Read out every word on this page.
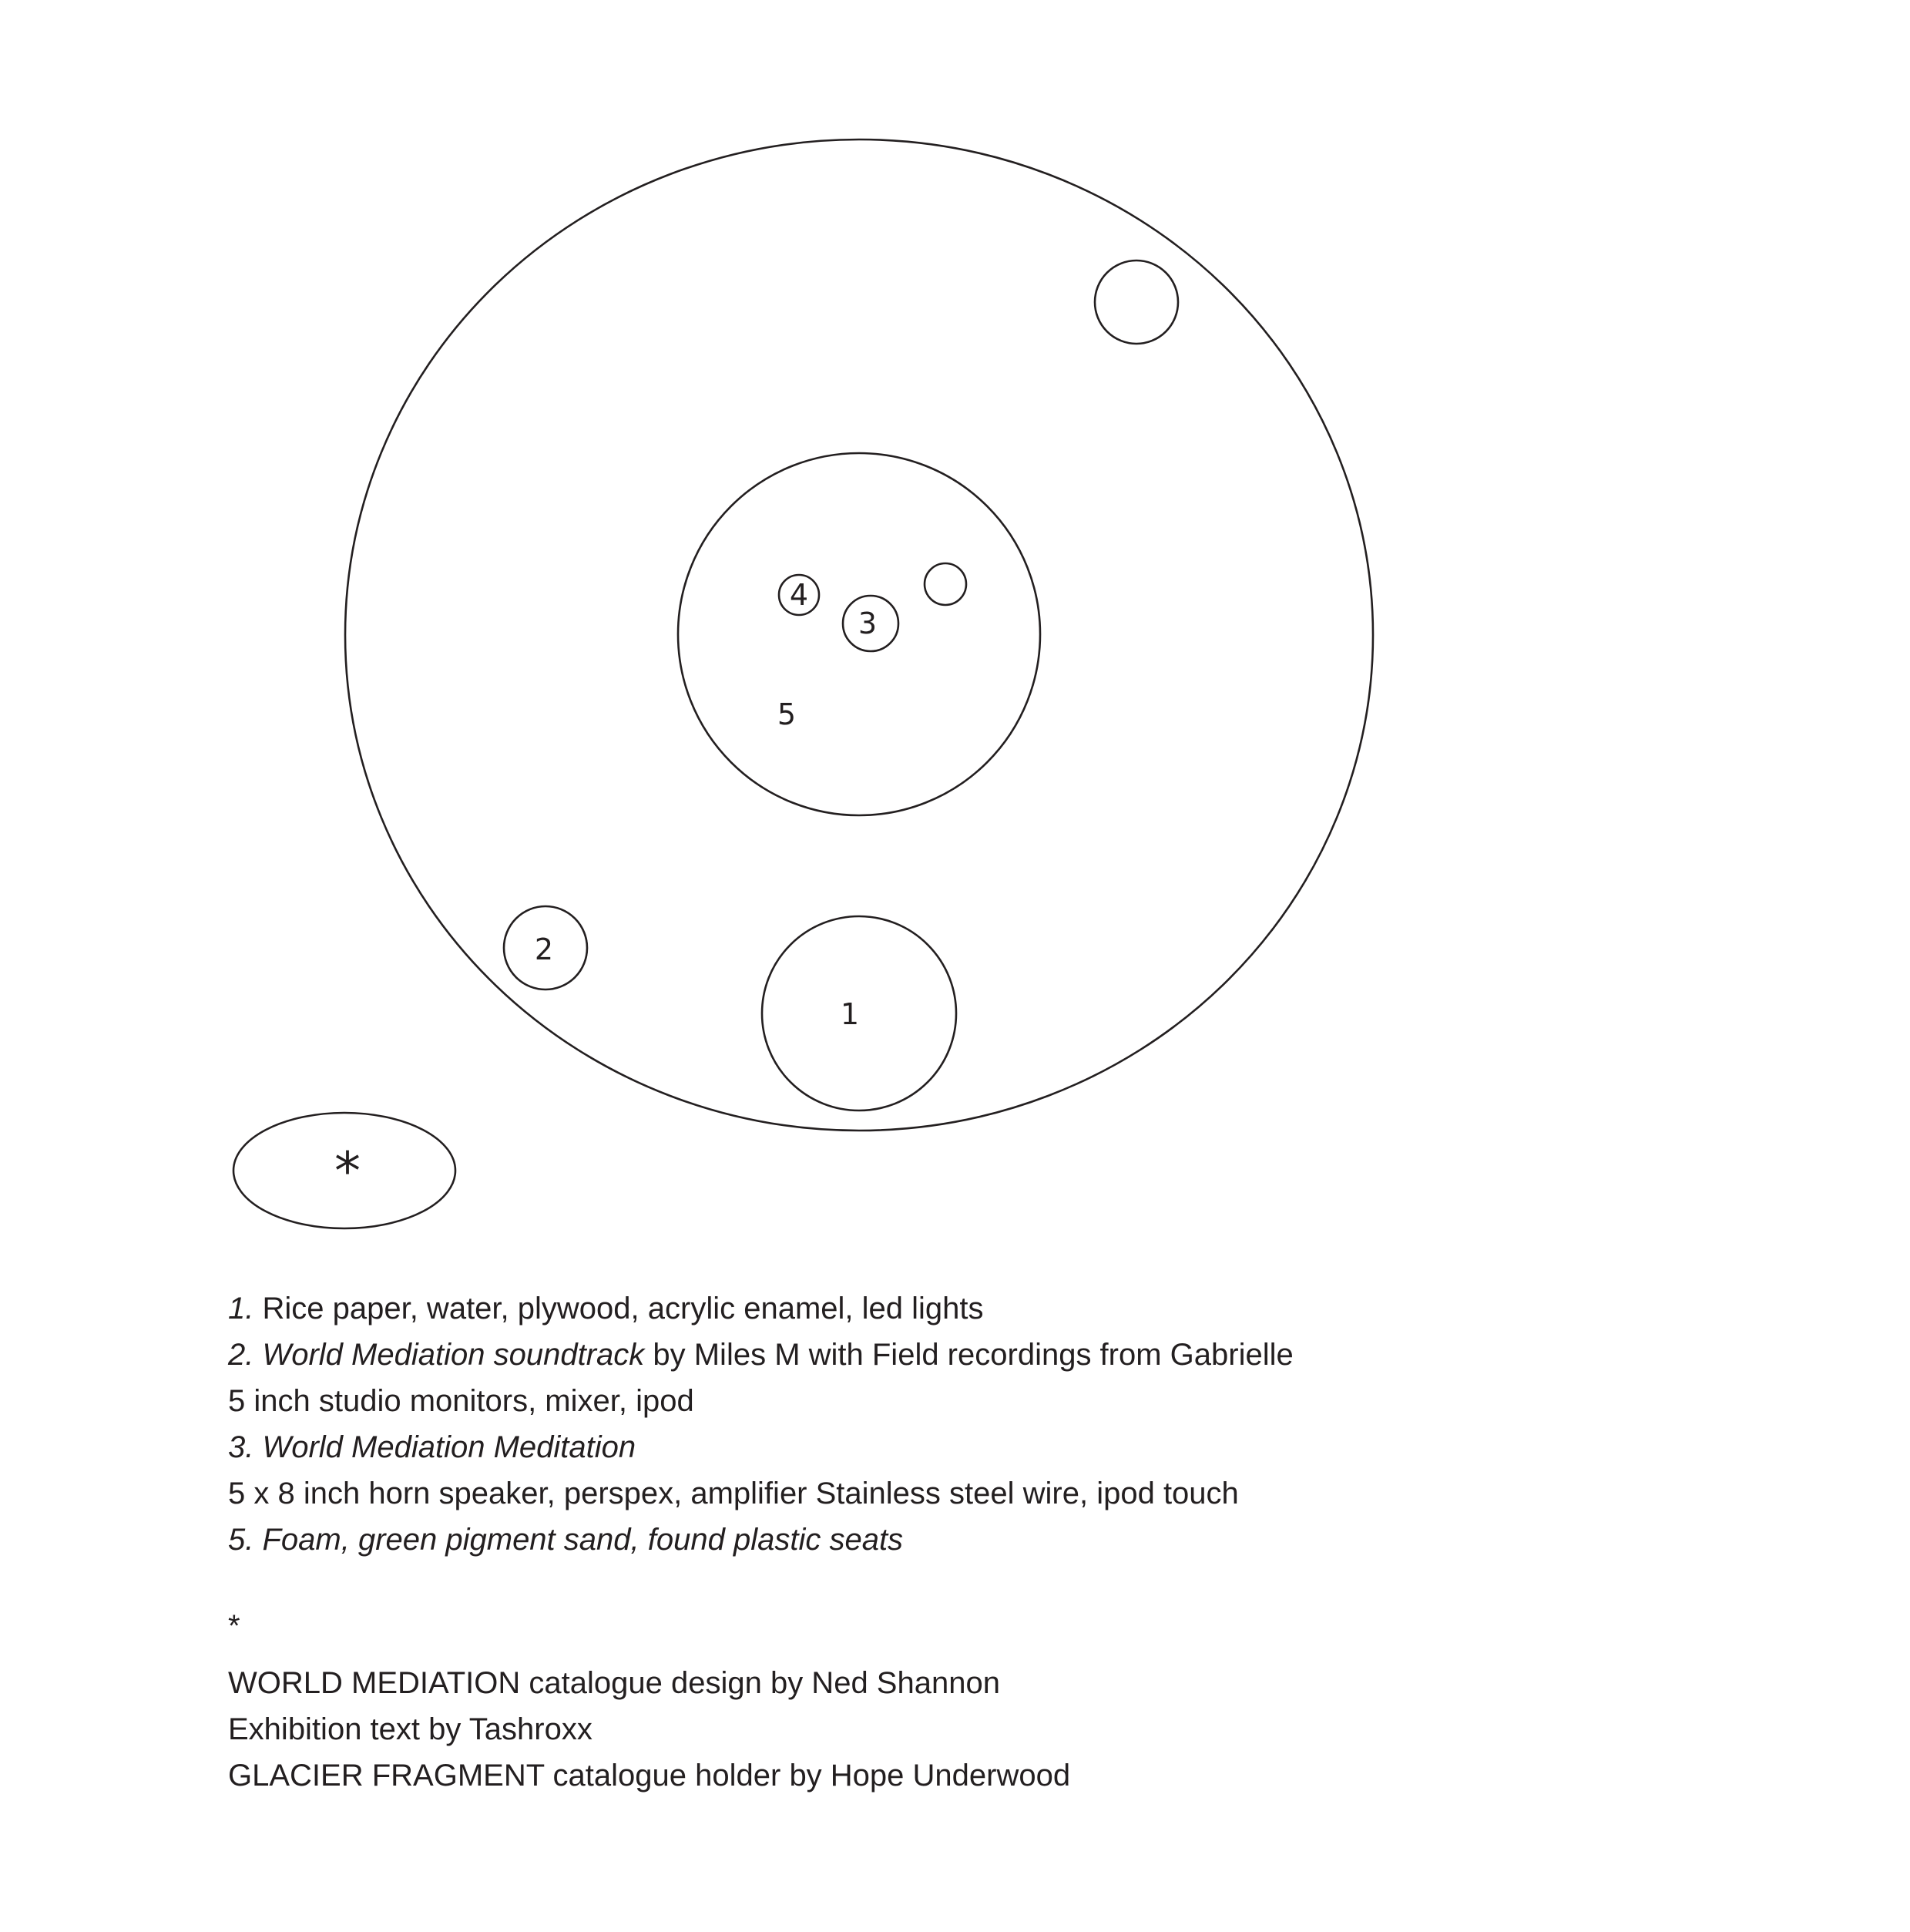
4
3
5
2
1
*
1. Rice paper, water, plywood, acrylic enamel, led lights
2. World Mediation soundtrack by Miles M with Field recordings from Gabrielle
5 inch studio monitors, mixer, ipod
3. World Mediation Meditation
5 x 8 inch horn speaker, perspex, amplifier Stainless steel wire, ipod touch
5. Foam, green pigment sand, found plastic seats
*
WORLD MEDIATION catalogue design by Ned Shannon
Exhibition text by Tashroxx
GLACIER FRAGMENT catalogue holder by Hope Underwood
